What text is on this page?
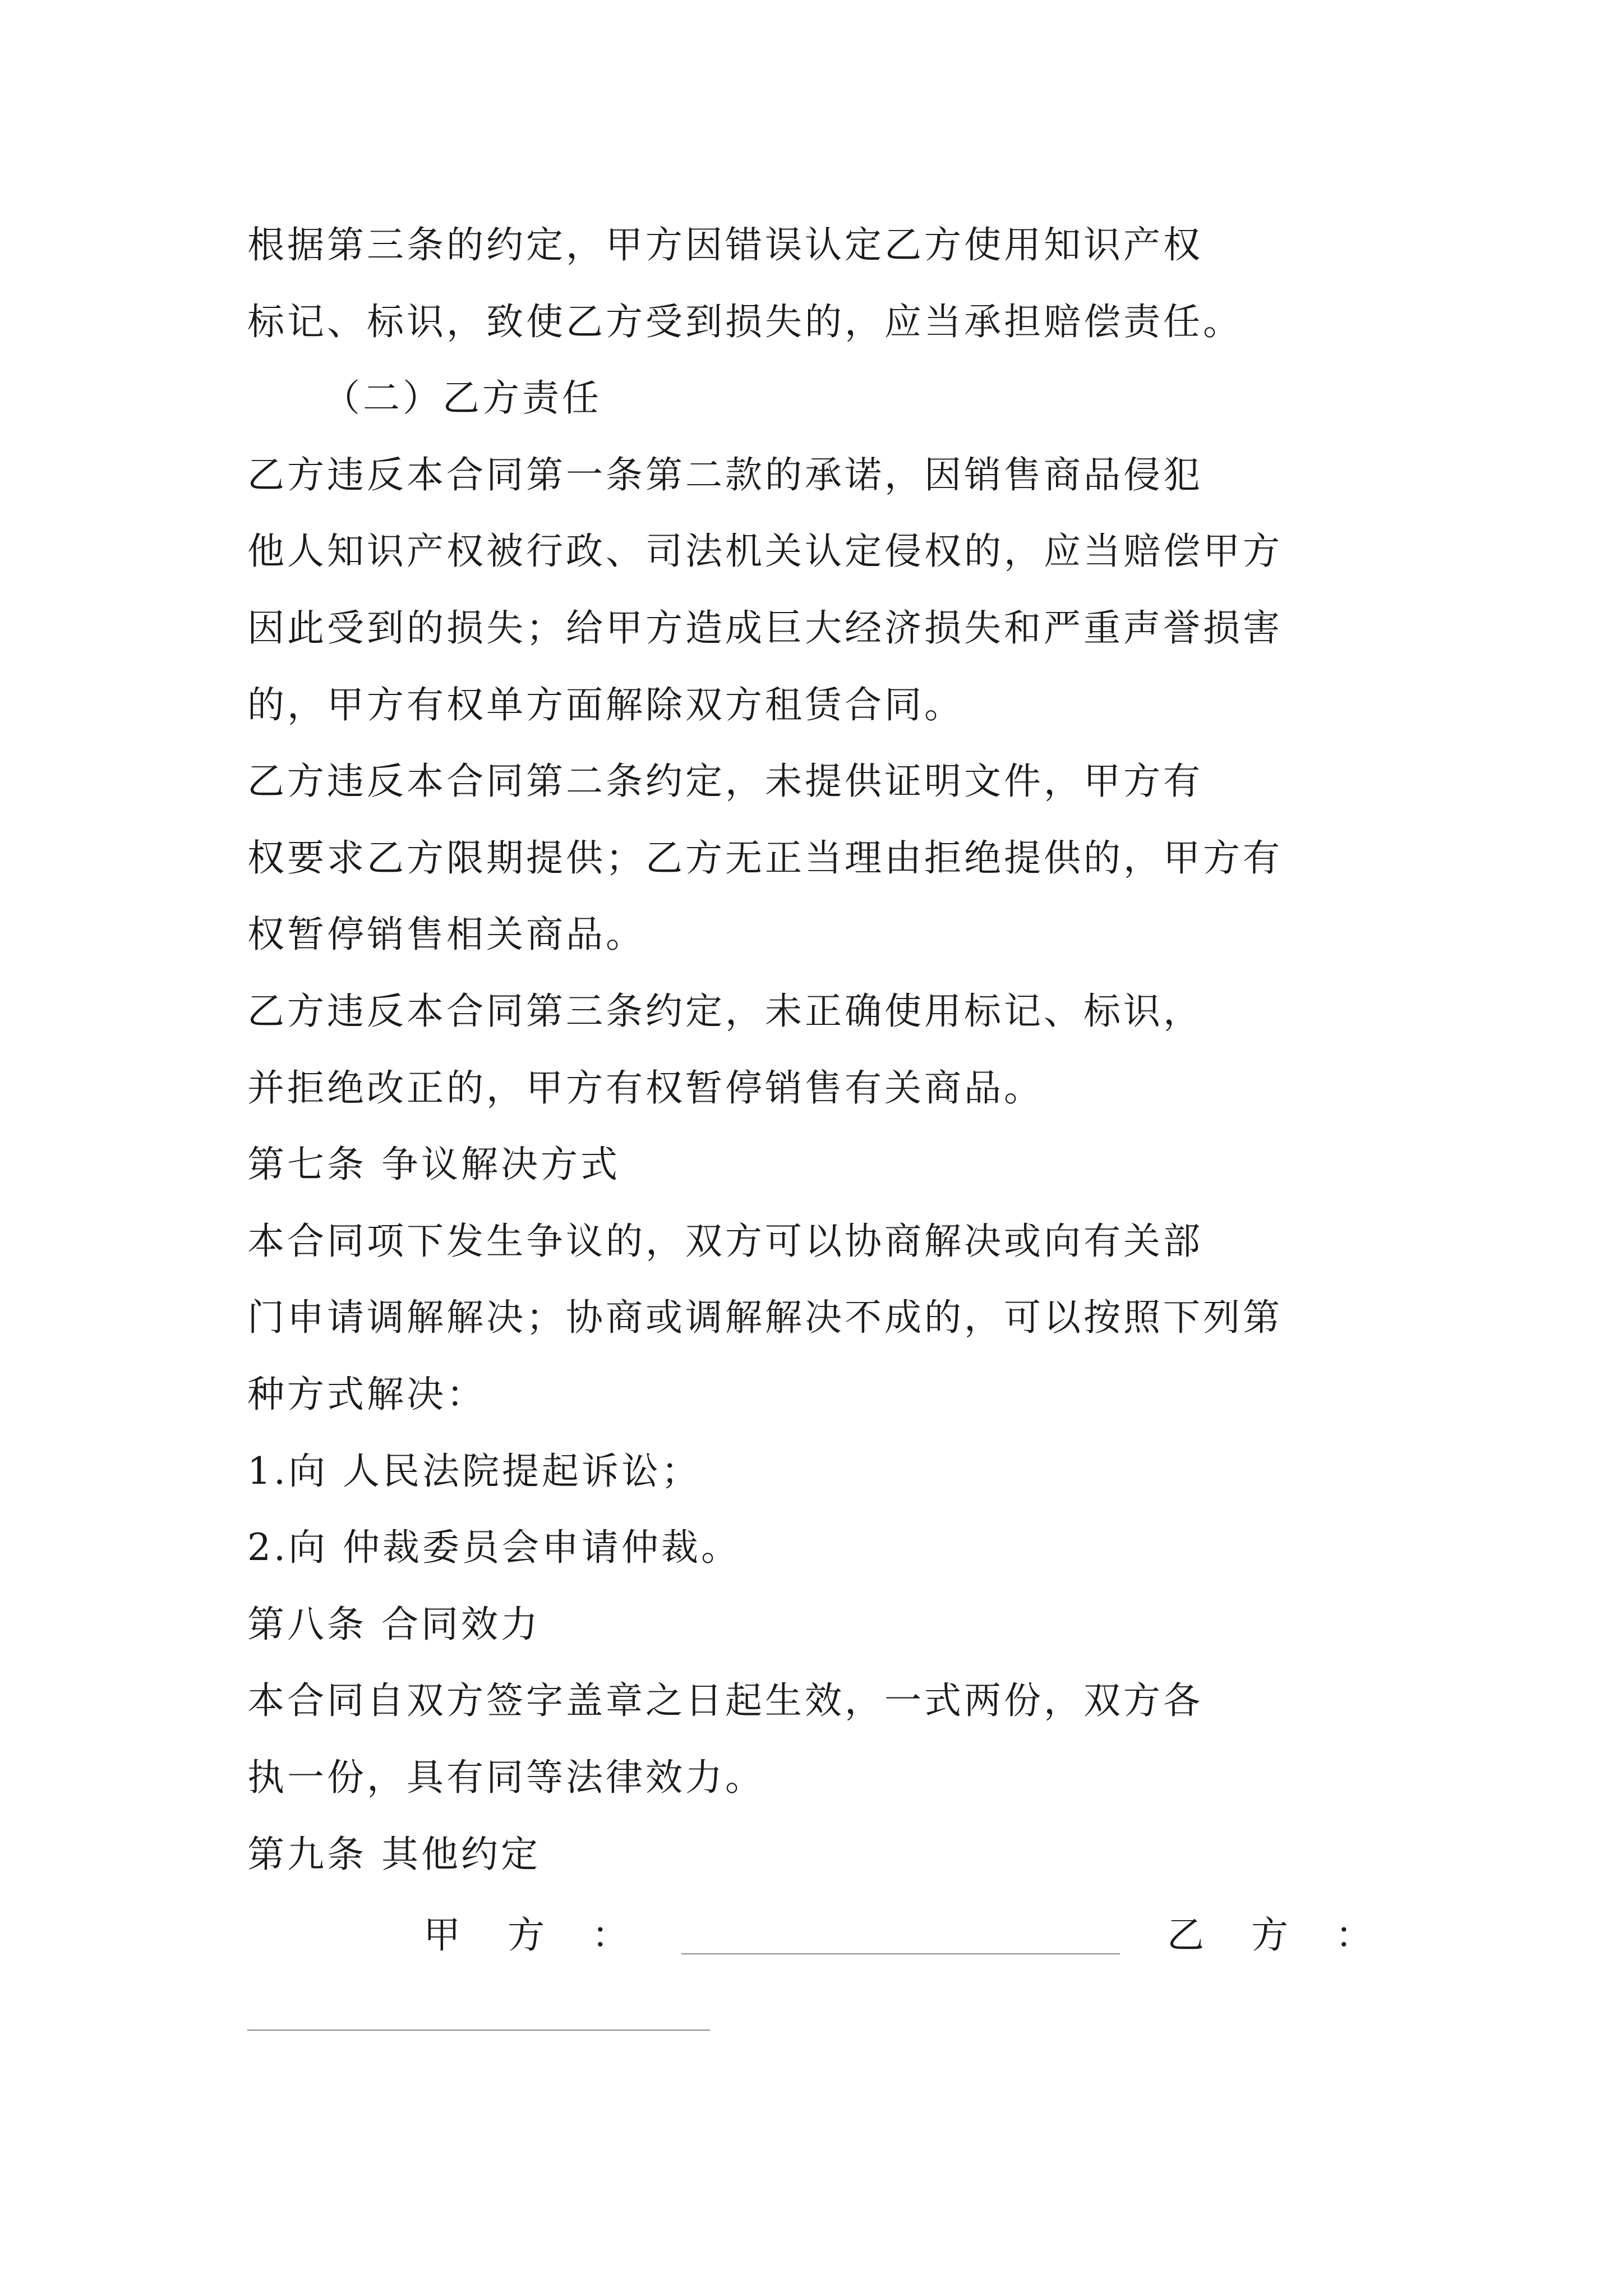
根据第三条的约定，甲方因错误认定乙方使用知识产权
标记、标识，致使乙方受到损失的，应当承担赔偿责任。
（二）乙方责任
乙方违反本合同第一条第二款的承诺，因销售商品侵犯
他人知识产权被行政、司法机关认定侵权的，应当赔偿甲方
因此受到的损失；给甲方造成巨大经济损失和严重声誉损害
的，甲方有权单方面解除双方租赁合同。
乙方违反本合同第二条约定，未提供证明文件，甲方有
权要求乙方限期提供；乙方无正当理由拒绝提供的，甲方有
权暂停销售相关商品。
乙方违反本合同第三条约定，未正确使用标记、标识，
并拒绝改正的，甲方有权暂停销售有关商品。
第七条 争议解决方式
本合同项下发生争议的，双方可以协商解决或向有关部
门申请调解解决；协商或调解解决不成的，可以按照下列第
种方式解决：
1.向 人民法院提起诉讼；
2.向 仲裁委员会申请仲裁。
第八条 合同效力
本合同自双方签字盖章之日起生效，一式两份，双方各
执一份，具有同等法律效力。
第九条 其他约定
甲 方 ：	乙 方 ：
